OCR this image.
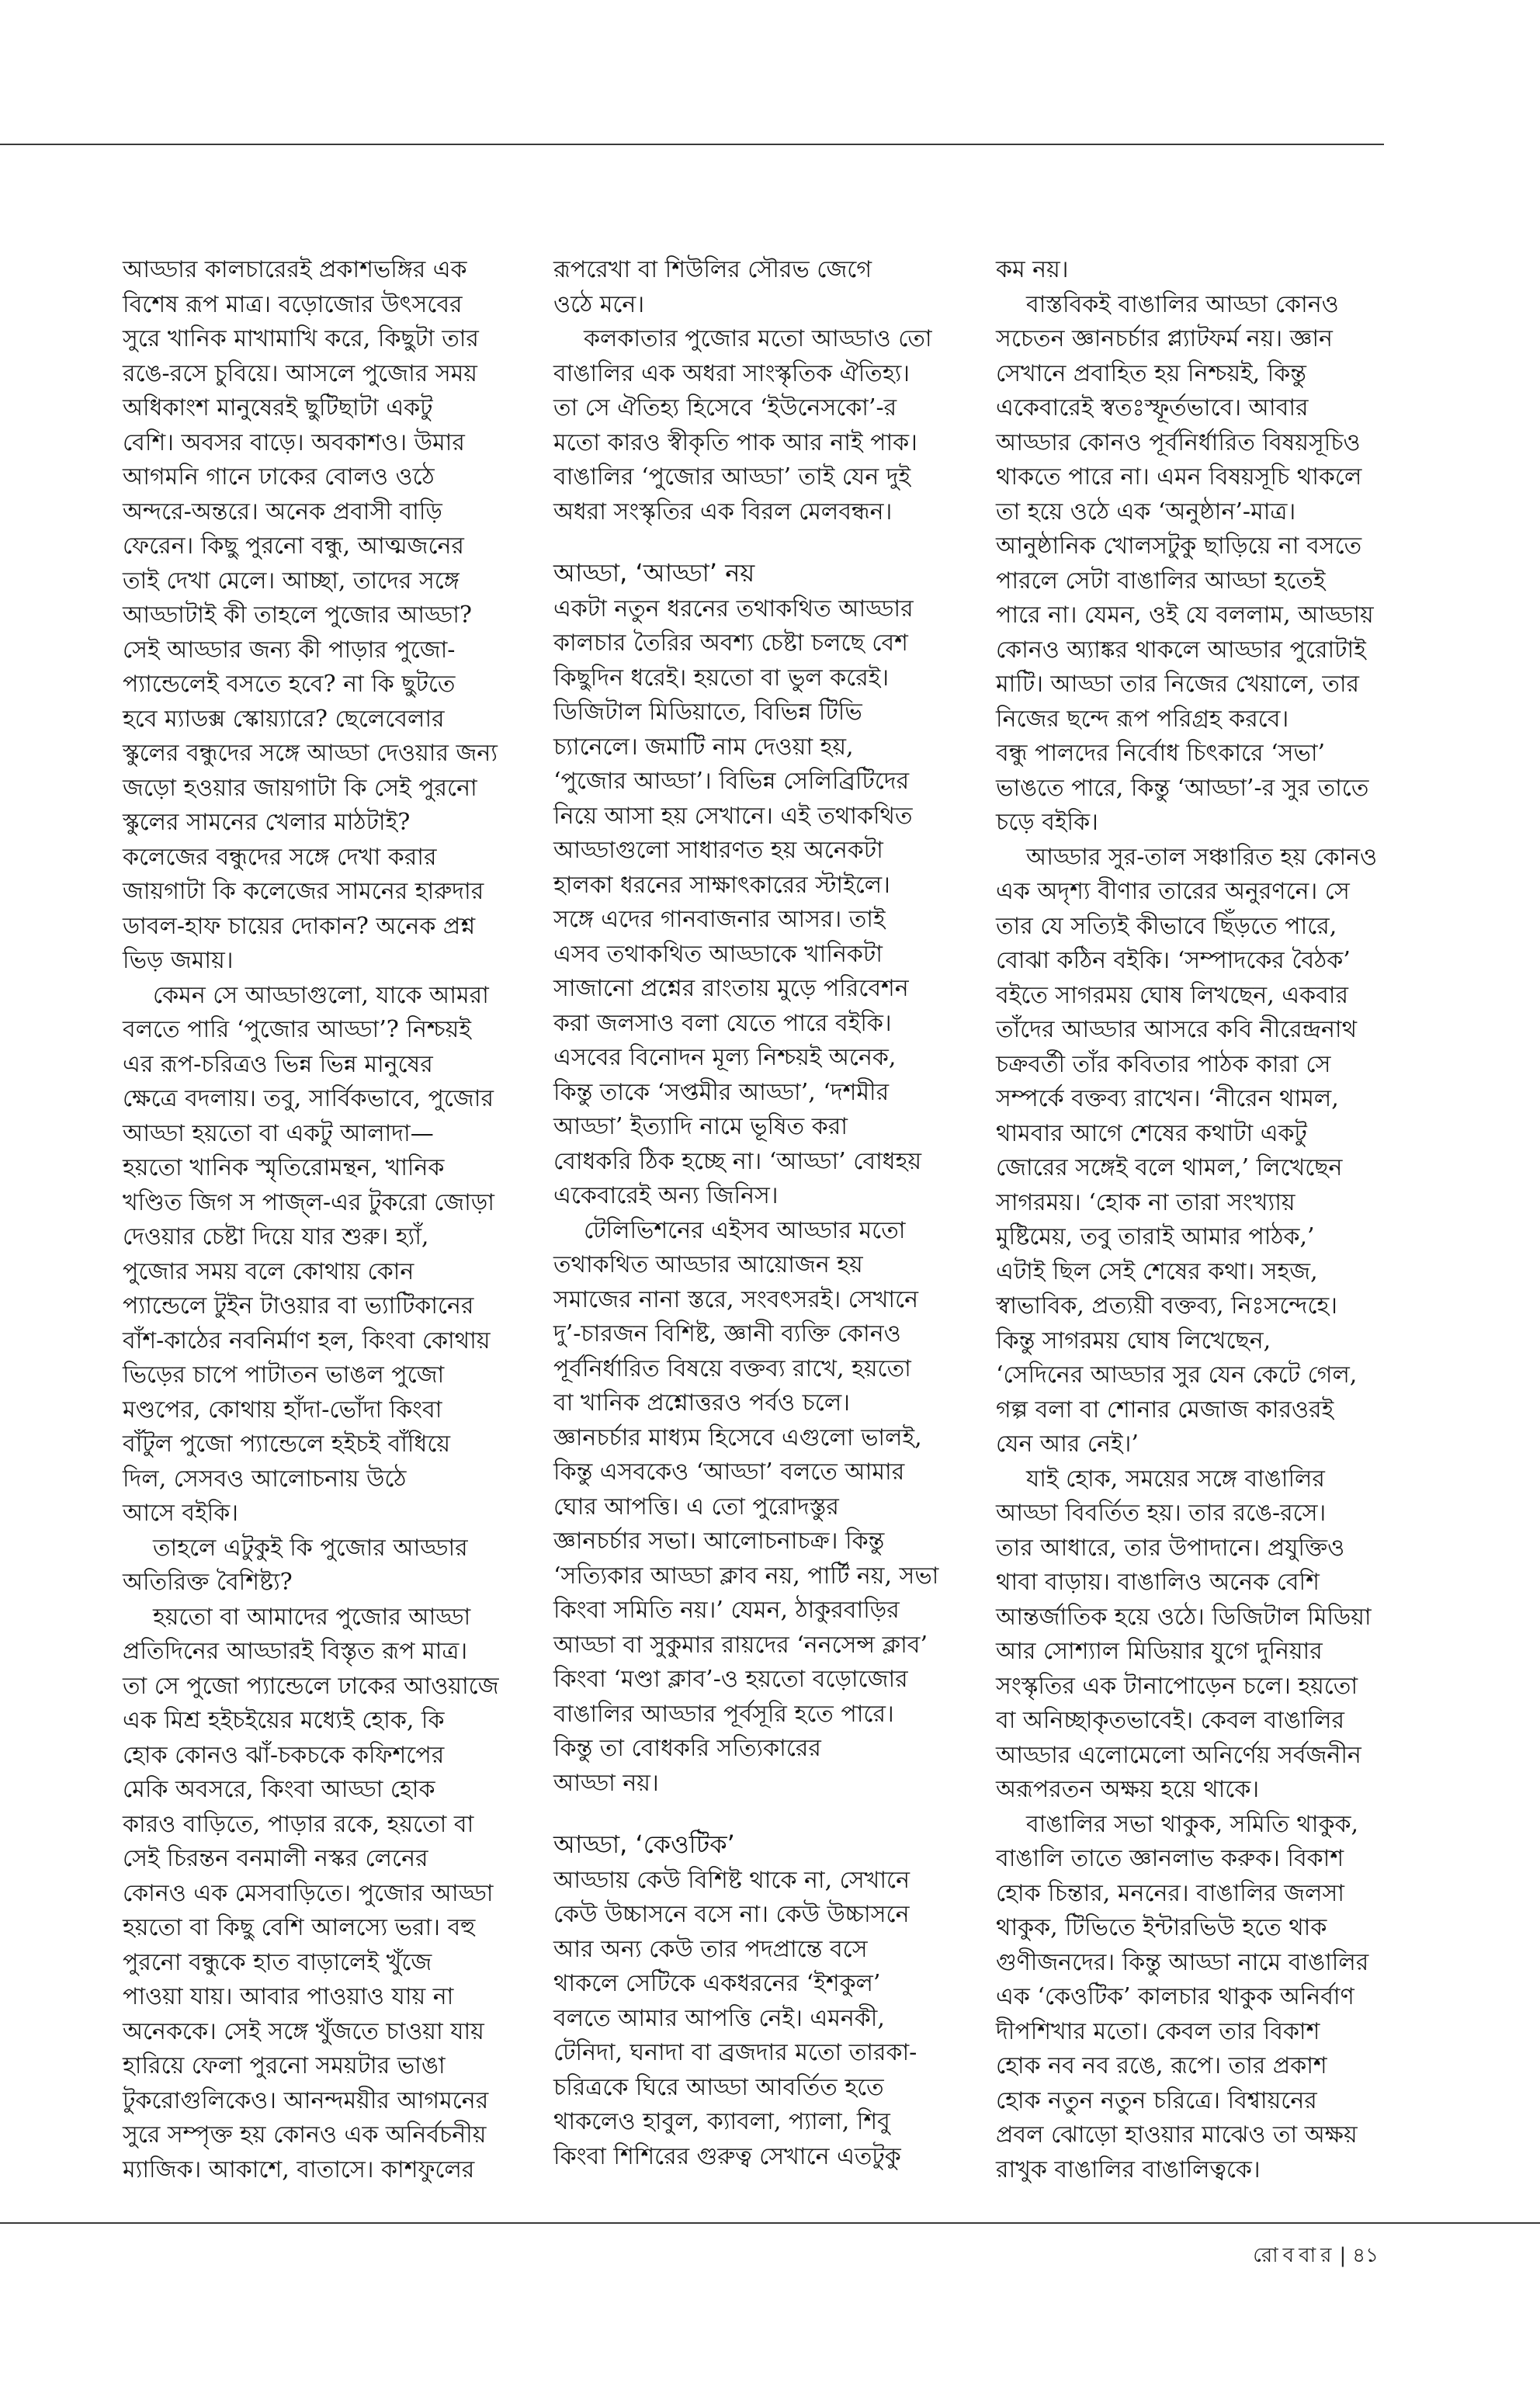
আড্ডার কালচারেরই প্রকাশভঙ্গির এক
বিশেষ রূপ মাত্র। বড়োজোর উৎসবের
সুরে খানিক মাখামাখি করে, কিছুটা তার
রঙে-রসে চুবিয়ে। আসলে পুজোর সময়
অধিকাংশ মানুষেরই ছুটিছাটা একটু
বেশি। অবসর বাড়ে। অবকাশও। উমার
আগমনি গানে ঢাকের বোলও ওঠে
অন্দরে-অন্তরে। অনেক প্রবাসী বাড়ি
ফেরেন। কিছু পুরনো বন্ধু, আত্মজনের
তাই দেখা মেলে। আচ্ছা, তাদের সঙ্গে
আড্ডাটাই কী তাহলে পুজোর আড্ডা?
সেই আড্ডার জন্য কী পাড়ার পুজো-
প্যান্ডেলেই বসতে হবে? না কি ছুটতে
হবে ম্যাডক্স স্কোয়্যারে? ছেলেবেলার
স্কুলের বন্ধুদের সঙ্গে আড্ডা দেওয়ার জন্য
জড়ো হওয়ার জায়গাটা কি সেই পুরনো
স্কুলের সামনের খেলার মাঠটাই?
কলেজের বন্ধুদের সঙ্গে দেখা করার
জায়গাটা কি কলেজের সামনের হারুদার
ডাবল-হাফ চায়ের দোকান? অনেক প্রশ্ন
ভিড় জমায়।
কেমন সে আড্ডাগুলো, যাকে আমরা
বলতে পারি ‘পুজোর আড্ডা’? নিশ্চয়ই
এর রূপ-চরিত্রও ভিন্ন ভিন্ন মানুষের
ক্ষেত্রে বদলায়। তবু, সার্বিকভাবে, পুজোর
আড্ডা হয়তো বা একটু আলাদা—
হয়তো খানিক স্মৃতিরোমন্থন, খানিক
খণ্ডিত জিগ স পাজ্‌ল-এর টুকরো জোড়া
দেওয়ার চেষ্টা দিয়ে যার শুরু। হ্যাঁ,
পুজোর সময় বলে কোথায় কোন
প্যান্ডেলে টুইন টাওয়ার বা ভ্যাটিকানের
বাঁশ-কাঠের নবনির্মাণ হল, কিংবা কোথায়
ভিড়ের চাপে পাটাতন ভাঙল পুজো
মণ্ডপের, কোথায় হাঁদা-ভোঁদা কিংবা
বাঁটুল পুজো প্যান্ডেলে হইচই বাঁধিয়ে
দিল, সেসবও আলোচনায় উঠে
আসে বইকি।
তাহলে এটুকুই কি পুজোর আড্ডার
অতিরিক্ত বৈশিষ্ট্য?
হয়তো বা আমাদের পুজোর আড্ডা
প্রতিদিনের আড্ডারই বিস্তৃত রূপ মাত্র।
তা সে পুজো প্যান্ডেলে ঢাকের আওয়াজে
এক মিশ্র হইচইয়ের মধ্যেই হোক, কি
হোক কোনও ঝাঁ-চকচকে কফিশপের
মেকি অবসরে, কিংবা আড্ডা হোক
কারও বাড়িতে, পাড়ার রকে, হয়তো বা
সেই চিরন্তন বনমালী নস্কর লেনের
কোনও এক মেসবাড়িতে। পুজোর আড্ডা
হয়তো বা কিছু বেশি আলস্যে ভরা। বহু
পুরনো বন্ধুকে হাত বাড়ালেই খুঁজে
পাওয়া যায়। আবার পাওয়াও যায় না
অনেককে। সেই সঙ্গে খুঁজতে চাওয়া যায়
হারিয়ে ফেলা পুরনো সময়টার ভাঙা
টুকরোগুলিকেও। আনন্দময়ীর আগমনের
সুরে সম্পৃক্ত হয় কোনও এক অনির্বচনীয়
ম্যাজিক। আকাশে, বাতাসে। কাশফুলের
রূপরেখা বা শিউলির সৌরভ জেগে
ওঠে মনে।
কলকাতার পুজোর মতো আড্ডাও তো
বাঙালির এক অধরা সাংস্কৃতিক ঐতিহ্য।
তা সে ঐতিহ্য হিসেবে ‘ইউনেসকো’-র
মতো কারও স্বীকৃতি পাক আর নাই পাক।
বাঙালির ‘পুজোর আড্ডা’ তাই যেন দুই
অধরা সংস্কৃতির এক বিরল মেলবন্ধন।
আড্ডা, ‘আড্ডা’ নয়
একটা নতুন ধরনের তথাকথিত আড্ডার
কালচার তৈরির অবশ্য চেষ্টা চলছে বেশ
কিছুদিন ধরেই। হয়তো বা ভুল করেই।
ডিজিটাল মিডিয়াতে, বিভিন্ন টিভি
চ্যানেলে। জমাটি নাম দেওয়া হয়,
‘পুজোর আড্ডা’। বিভিন্ন সেলিব্রিটিদের
নিয়ে আসা হয় সেখানে। এই তথাকথিত
আড্ডাগুলো সাধারণত হয় অনেকটা
হালকা ধরনের সাক্ষাৎকারের স্টাইলে।
সঙ্গে এদের গানবাজনার আসর। তাই
এসব তথাকথিত আড্ডাকে খানিকটা
সাজানো প্রশ্নের রাংতায় মুড়ে পরিবেশন
করা জলসাও বলা যেতে পারে বইকি।
এসবের বিনোদন মূল্য নিশ্চয়ই অনেক,
কিন্তু তাকে ‘সপ্তমীর আড্ডা’, ‘দশমীর
আড্ডা’ ইত্যাদি নামে ভূষিত করা
বোধকরি ঠিক হচ্ছে না। ‘আড্ডা’ বোধহয়
একেবারেই অন্য জিনিস।
টেলিভিশনের এইসব আড্ডার মতো
তথাকথিত আড্ডার আয়োজন হয়
সমাজের নানা স্তরে, সংবৎসরই। সেখানে
দু’-চারজন বিশিষ্ট, জ্ঞানী ব্যক্তি কোনও
পূর্বনির্ধারিত বিষয়ে বক্তব্য রাখে, হয়তো
বা খানিক প্রশ্নোত্তরও পর্বও চলে।
জ্ঞানচর্চার মাধ্যম হিসেবে এগুলো ভালই,
কিন্তু এসবকেও ‘আড্ডা’ বলতে আমার
ঘোর আপত্তি। এ তো পুরোদস্তুর
জ্ঞানচর্চার সভা। আলোচনাচক্র। কিন্তু
‘সত্যিকার আড্ডা ক্লাব নয়, পার্টি নয়, সভা
কিংবা সমিতি নয়।’ যেমন, ঠাকুরবাড়ির
আড্ডা বা সুকুমার রায়দের ‘ননসেন্স ক্লাব’
কিংবা ‘মণ্ডা ক্লাব’-ও হয়তো বড়োজোর
বাঙালির আড্ডার পূর্বসূরি হতে পারে।
কিন্তু তা বোধকরি সত্যিকারের
আড্ডা নয়।
আড্ডা, ‘কেওটিক’
আড্ডায় কেউ বিশিষ্ট থাকে না, সেখানে
কেউ উচ্চাসনে বসে না। কেউ উচ্চাসনে
আর অন্য কেউ তার পদপ্রান্তে বসে
থাকলে সেটিকে একধরনের ‘ইশকুল’
বলতে আমার আপত্তি নেই। এমনকী,
টেনিদা, ঘনাদা বা ব্রজদার মতো তারকা-
চরিত্রকে ঘিরে আড্ডা আবর্তিত হতে
থাকলেও হাবুল, ক্যাবলা, প্যালা, শিবু
কিংবা শিশিরের গুরুত্ব সেখানে এতটুকু
কম নয়।
বাস্তবিকই বাঙালির আড্ডা কোনও
সচেতন জ্ঞানচর্চার প্ল্যাটফর্ম নয়। জ্ঞান
সেখানে প্রবাহিত হয় নিশ্চয়ই, কিন্তু
একেবারেই স্বতঃস্ফূর্তভাবে। আবার
আড্ডার কোনও পূর্বনির্ধারিত বিষয়সূচিও
থাকতে পারে না। এমন বিষয়সূচি থাকলে
তা হয়ে ওঠে এক ‘অনুষ্ঠান’-মাত্র।
আনুষ্ঠানিক খোলসটুকু ছাড়িয়ে না বসতে
পারলে সেটা বাঙালির আড্ডা হতেই
পারে না। যেমন, ওই যে বললাম, আড্ডায়
কোনও অ্যাঙ্কর থাকলে আড্ডার পুরোটাই
মাটি। আড্ডা তার নিজের খেয়ালে, তার
নিজের ছন্দে রূপ পরিগ্রহ করবে।
বন্ধু পালদের নির্বোধ চিৎকারে ‘সভা’
ভাঙতে পারে, কিন্তু ‘আড্ডা’-র সুর তাতে
চড়ে বইকি।
আড্ডার সুর-তাল সঞ্চারিত হয় কোনও
এক অদৃশ্য বীণার তারের অনুরণনে। সে
তার যে সত্যিই কীভাবে ছিঁড়তে পারে,
বোঝা কঠিন বইকি। ‘সম্পাদকের বৈঠক’
বইতে সাগরময় ঘোষ লিখছেন, একবার
তাঁদের আড্ডার আসরে কবি নীরেন্দ্রনাথ
চক্রবর্তী তাঁর কবিতার পাঠক কারা সে
সম্পর্কে বক্তব্য রাখেন। ‘নীরেন থামল,
থামবার আগে শেষের কথাটা একটু
জোরের সঙ্গেই বলে থামল,’ লিখেছেন
সাগরময়। ‘হোক না তারা সংখ্যায়
মুষ্টিমেয়, তবু তারাই আমার পাঠক,’
এটাই ছিল সেই শেষের কথা। সহজ,
স্বাভাবিক, প্রত্যয়ী বক্তব্য, নিঃসন্দেহে।
কিন্তু সাগরময় ঘোষ লিখেছেন,
‘সেদিনের আড্ডার সুর যেন কেটে গেল,
গল্প বলা বা শোনার মেজাজ কারওরই
যেন আর নেই।’
যাই হোক, সময়ের সঙ্গে বাঙালির
আড্ডা বিবর্তিত হয়। তার রঙে-রসে।
তার আধারে, তার উপাদানে। প্রযুক্তিও
থাবা বাড়ায়। বাঙালিও অনেক বেশি
আন্তর্জাতিক হয়ে ওঠে। ডিজিটাল মিডিয়া
আর সোশ্যাল মিডিয়ার যুগে দুনিয়ার
সংস্কৃতির এক টানাপোড়েন চলে। হয়তো
বা অনিচ্ছাকৃতভাবেই। কেবল বাঙালির
আড্ডার এলোমেলো অনির্ণেয় সর্বজনীন
অরূপরতন অক্ষয় হয়ে থাকে।
বাঙালির সভা থাকুক, সমিতি থাকুক,
বাঙালি তাতে জ্ঞানলাভ করুক। বিকাশ
হোক চিন্তার, মননের। বাঙালির জলসা
থাকুক, টিভিতে ইন্টারভিউ হতে থাক
গুণীজনদের। কিন্তু আড্ডা নামে বাঙালির
এক ‘কেওটিক’ কালচার থাকুক অনির্বাণ
দীপশিখার মতো। কেবল তার বিকাশ
হোক নব নব রঙে, রূপে। তার প্রকাশ
হোক নতুন নতুন চরিত্রে। বিশ্বায়নের
প্রবল ঝোড়ো হাওয়ার মাঝেও তা অক্ষয়
রাখুক বাঙালির বাঙালিত্বকে।
রোববার | ৪১
